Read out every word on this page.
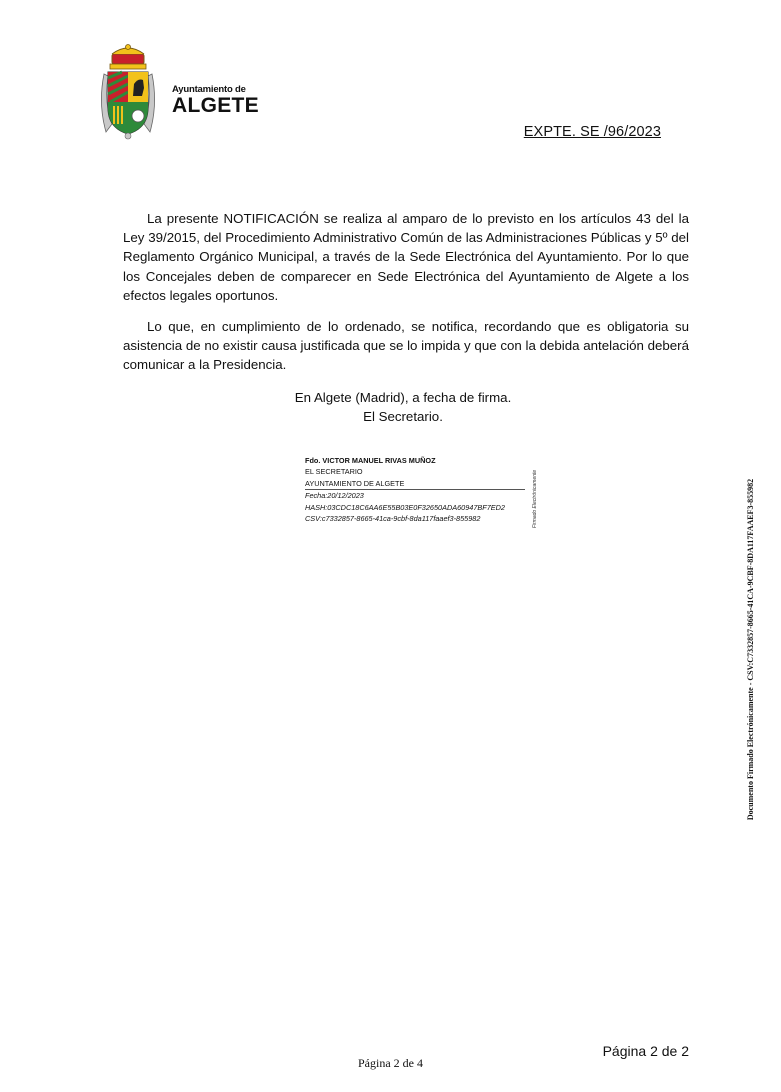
Ayuntamiento de
ALGETE
EXPTE. SE /96/2023

La presente NOTIFICACIÓN se realiza al amparo de lo previsto en los artículos 43 del la Ley 39/2015, del Procedimiento Administrativo Común de las Administraciones Públicas y 5º del Reglamento Orgánico Municipal, a través de la Sede Electrónica del Ayuntamiento. Por lo que los Concejales deben de comparecer en Sede Electrónica del Ayuntamiento de Algete a los efectos legales oportunos.

Lo que, en cumplimiento de lo ordenado, se notifica, recordando que es obligatoria su asistencia de no existir causa justificada que se lo impida y que con la debida antelación deberá comunicar a la Presidencia.

En Algete (Madrid), a fecha de firma.
El Secretario.
Fdo. VICTOR MANUEL RIVAS MUÑOZ
EL SECRETARIO
AYUNTAMIENTO DE ALGETE
Fecha:20/12/2023
HASH:03CDC18C6AA6E55B03E0F32650ADA60947BF7ED2
CSV:c7332857-8665-41ca-9cbf-8da117faaef3-855982	Firmado Electrónicamente	Documento Firmado Electrónicamente - CSV:C7332857-8665-41CA-9CBF-8DA117FAAEF3-855982
Página 2 de 2
Página 2 de 4
